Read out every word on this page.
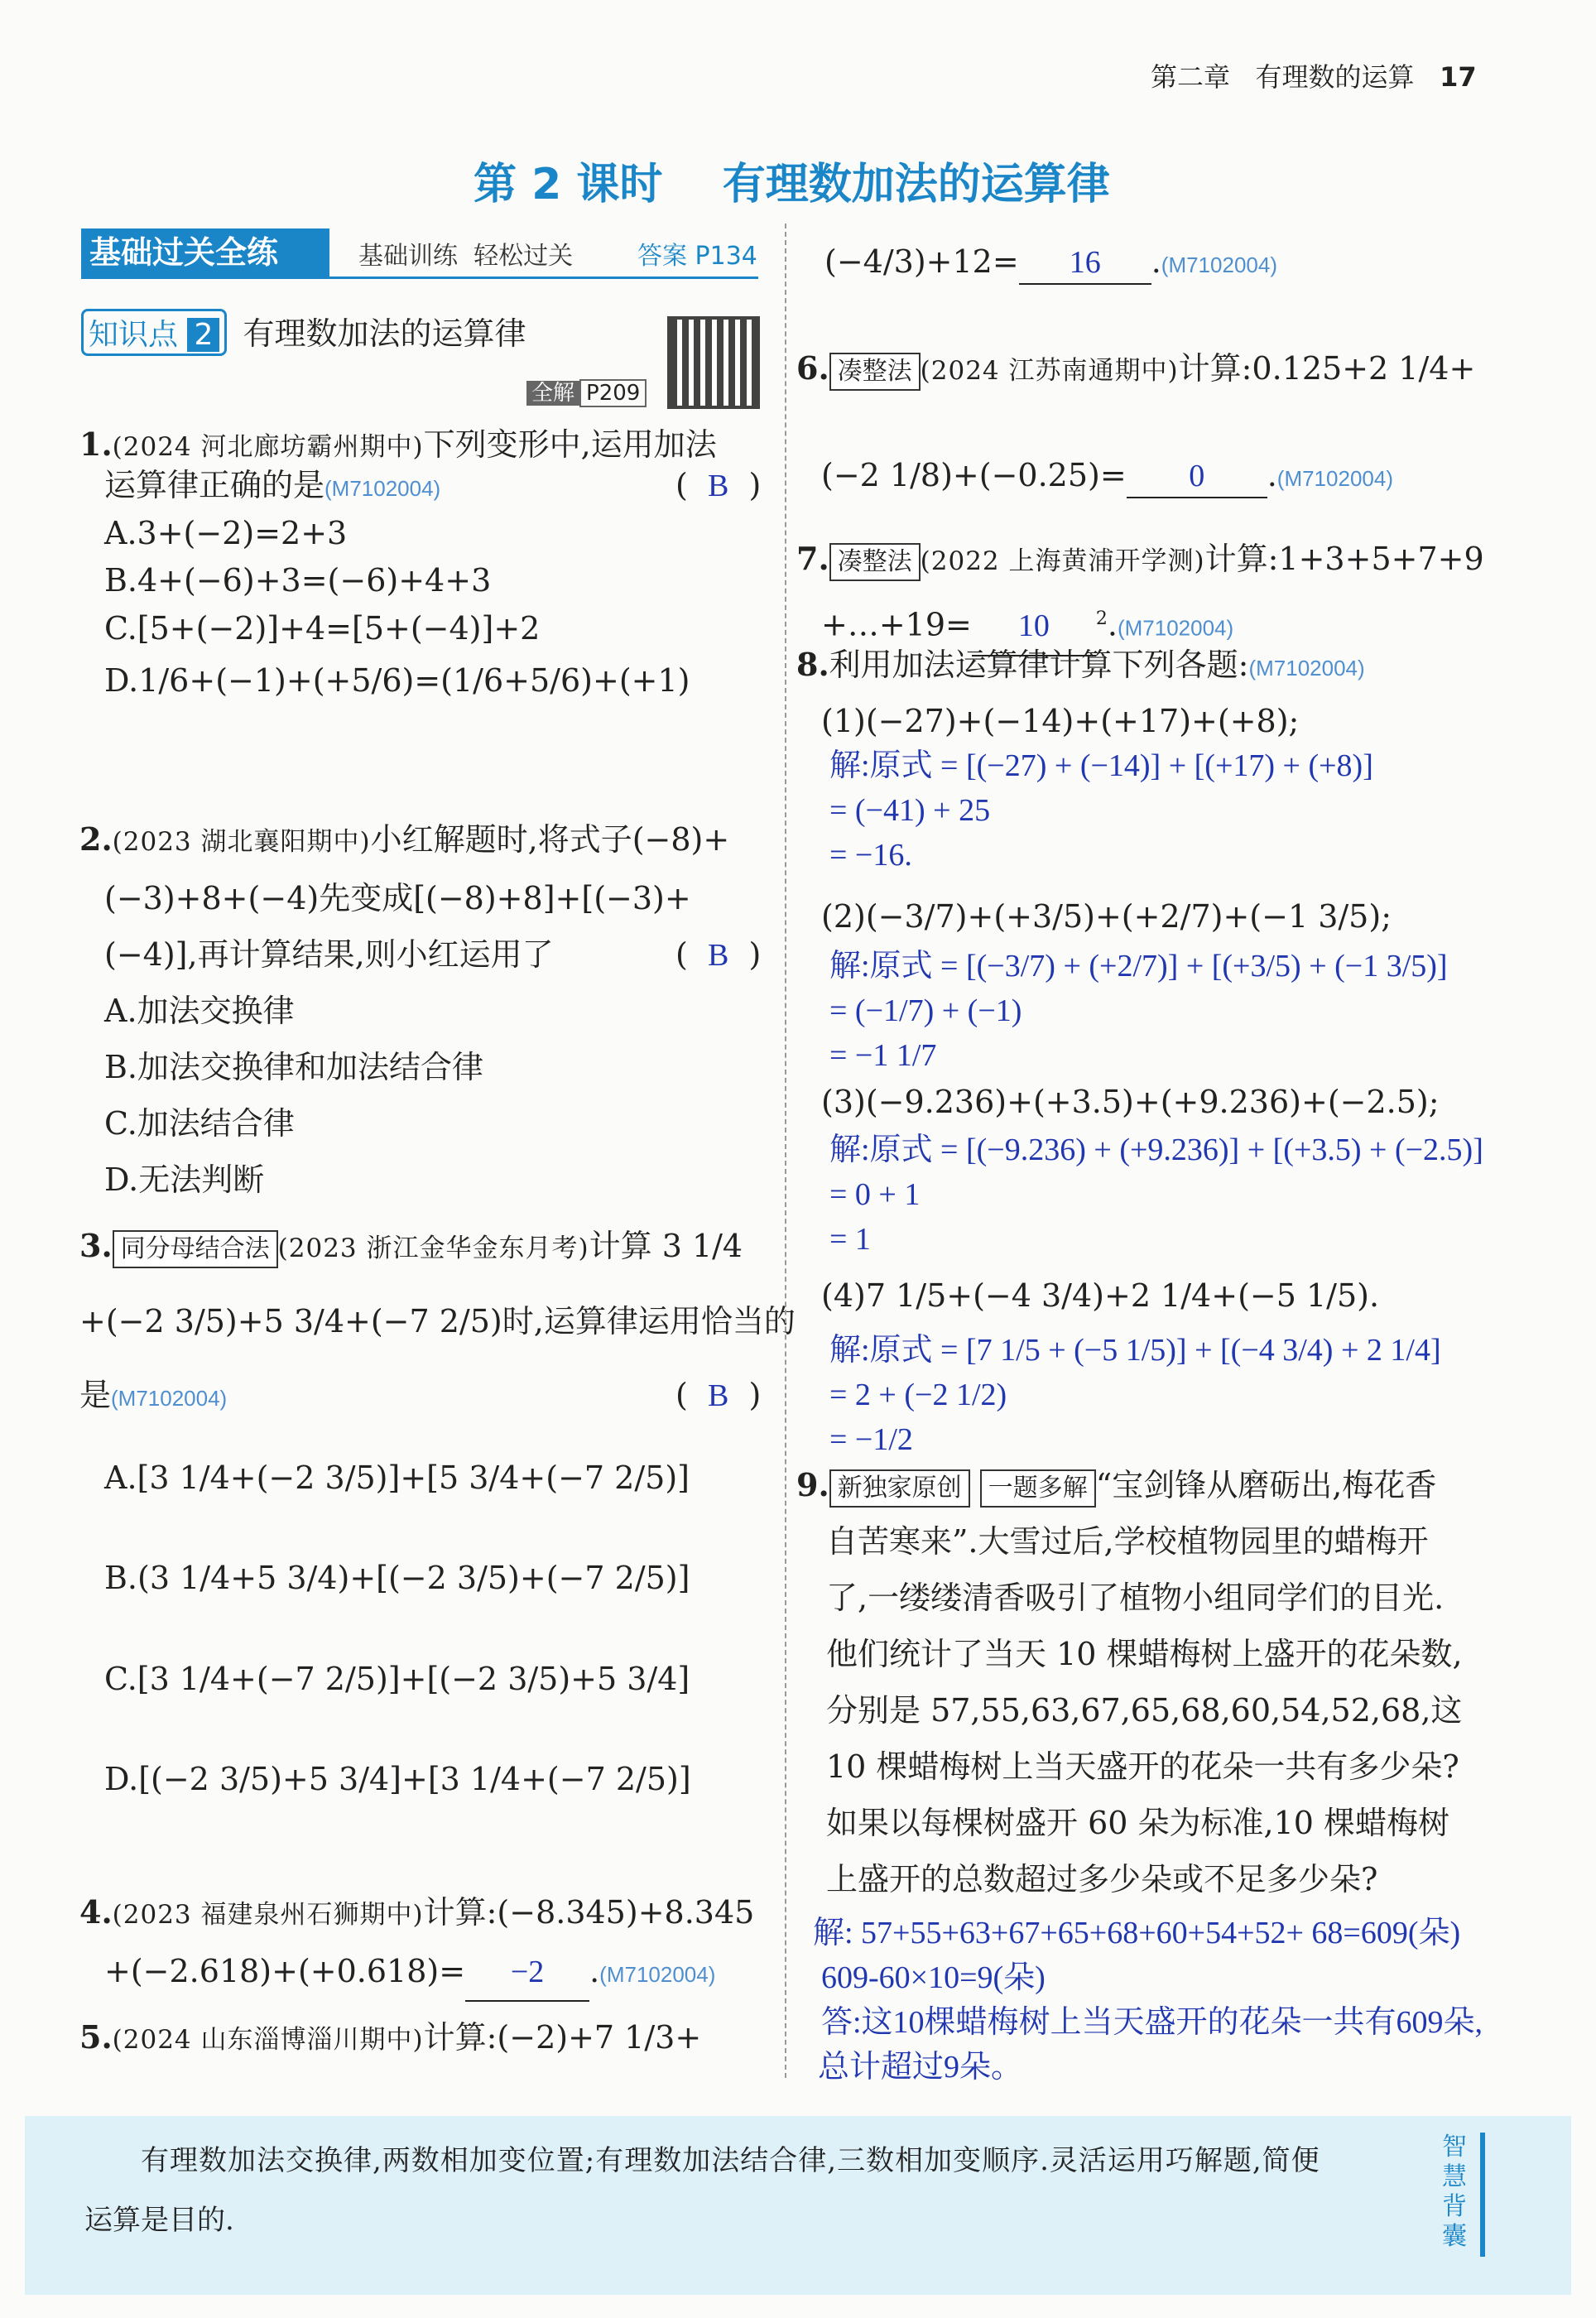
第二章 有理数的运算 17
第 2 课时    有理数加法的运算律
基础过关全练	基础训练 轻松过关	答案 P134
知识点 2 有理数加法的运算律
全解 P209
1.(2024 河北廊坊霸州期中)下列变形中,运用加法
运算律正确的是(M7102004)	(  B  )
A.3+(−2)=2+3
B.4+(−6)+3=(−6)+4+3
C.[5+(−2)]+4=[5+(−4)]+2
D.1/6+(−1)+(+5/6)=(1/6+5/6)+(+1)
2.(2023 湖北襄阳期中)小红解题时,将式子(−8)+
(−3)+8+(−4)先变成[(−8)+8]+[(−3)+
(−4)],再计算结果,则小红运用了	(  B  )
A.加法交换律
B.加法交换律和加法结合律
C.加法结合律
D.无法判断
3. 同分母结合法 (2023 浙江金华金东月考)计算 3 1/4
+(−2 3/5)+5 3/4+(−7 2/5)时,运算律运用恰当的
是(M7102004)	(  B  )
A.[3 1/4+(−2 3/5)]+[5 3/4+(−7 2/5)]
B.(3 1/4+5 3/4)+[(−2 3/5)+(−7 2/5)]
C.[3 1/4+(−7 2/5)]+[(−2 3/5)+5 3/4]
D.[(−2 3/5)+5 3/4]+[3 1/4+(−7 2/5)]
4.(2023 福建泉州石狮期中)计算:(−8.345)+8.345
+(−2.618)+(+0.618)= −2 .(M7102004)
5.(2024 山东淄博淄川期中)计算:(−2)+7 1/3+
(−4/3)+12= 16 .(M7102004)
6. 凑整法 (2024 江苏南通期中)计算:0.125+2 1/4+
(−2 1/8)+(−0.25)= 0 .(M7102004)
7. 凑整法 (2022 上海黄浦开学测)计算:1+3+5+7+9
+…+19= 10	$^2$.(M7102004)
8.利用加法运算律计算下列各题:(M7102004)
(1)(−27)+(−14)+(+17)+(+8);
解:原式 = [(−27) + (−14)] + [(+17) + (+8)]
= (−41) + 25
= −16.
(2)(−3/7)+(+3/5)+(+2/7)+(−1 3/5);
解:原式 = [(−3/7) + (+2/7)] + [(+3/5) + (−1 3/5)]
= (−1/7) + (−1)
= −1 1/7
(3)(−9.236)+(+3.5)+(+9.236)+(−2.5);
解:原式 = [(−9.236) + (+9.236)] + [(+3.5) + (−2.5)]
= 0 + 1
= 1
(4)7 1/5+(−4 3/4)+2 1/4+(−5 1/5).
解:原式 = [7 1/5 + (−5 1/5)] + [(−4 3/4) + 2 1/4]
= 2 + (−2 1/2)
= −1/2
9. 新独家原创 一题多解 “宝剑锋从磨砺出,梅花香
自苦寒来”.大雪过后,学校植物园里的蜡梅开
了,一缕缕清香吸引了植物小组同学们的目光.
他们统计了当天 10 棵蜡梅树上盛开的花朵数,
分别是 57,55,63,67,65,68,60,54,52,68,这
10 棵蜡梅树上当天盛开的花朵一共有多少朵?
如果以每棵树盛开 60 朵为标准,10 棵蜡梅树
上盛开的总数超过多少朵或不足多少朵?
解: 57+55+63+67+65+68+60+54+52+ 68=609(朵)
609-60×10=9(朵)
答:这10棵蜡梅树上当天盛开的花朵一共有609朵,
总计超过9朵。
有理数加法交换律,两数相加变位置;有理数加法结合律,三数相加变顺序.灵活运用巧解题,简便
运算是目的.
智慧背囊
